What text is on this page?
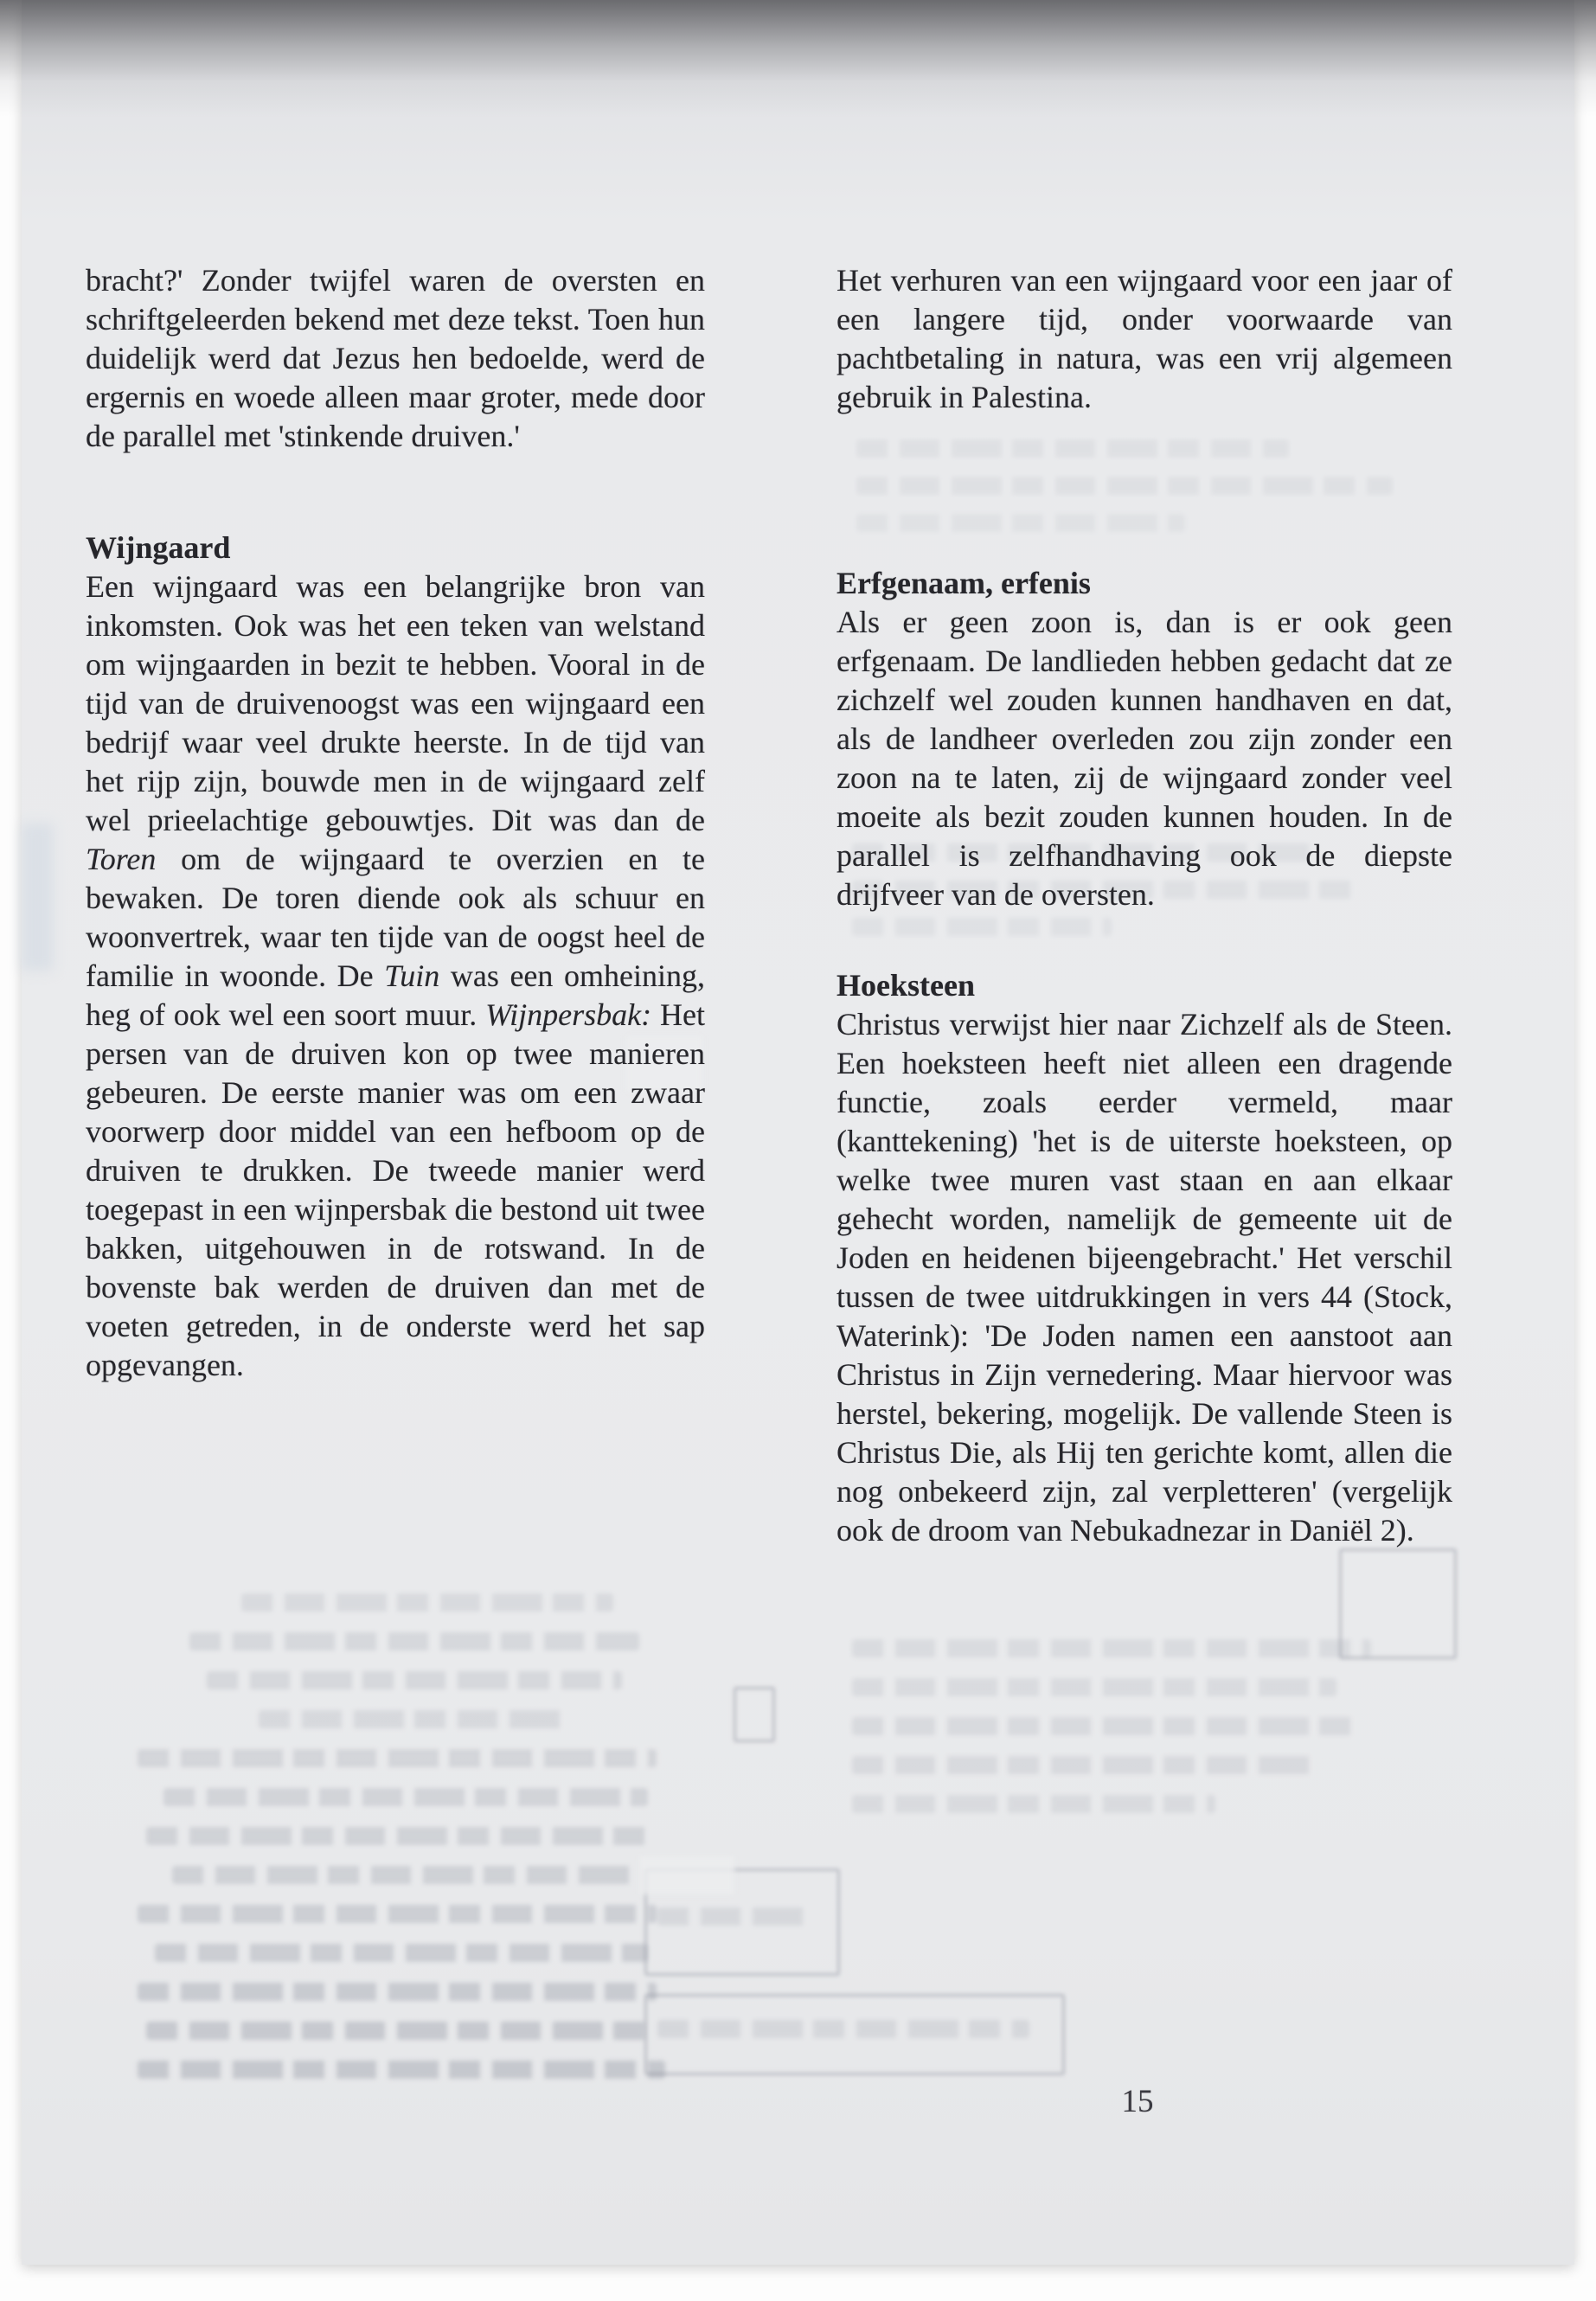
bracht?' Zonder twijfel waren de oversten en schriftgeleerden bekend met deze tekst. Toen hun duidelijk werd dat Jezus hen bedoelde, werd de ergernis en woede alleen maar groter, mede door de parallel met 'stinkende druiven.'

Wijngaard

Een wijngaard was een belangrijke bron van inkomsten. Ook was het een teken van welstand om wijngaarden in bezit te hebben. Vooral in de tijd van de druivenoogst was een wijngaard een bedrijf waar veel drukte heerste. In de tijd van het rijp zijn, bouwde men in de wijngaard zelf wel prieelachtige gebouwtjes. Dit was dan de Toren om de wijngaard te overzien en te bewaken. De toren diende ook als schuur en woonvertrek, waar ten tijde van de oogst heel de familie in woonde. De Tuin was een omheining, heg of ook wel een soort muur. Wijnpersbak: Het persen van de druiven kon op twee manieren gebeuren. De eerste manier was om een zwaar voorwerp door middel van een hefboom op de druiven te drukken. De tweede manier werd toegepast in een wijnpersbak die bestond uit twee bakken, uitgehouwen in de rotswand. In de bovenste bak werden de druiven dan met de voeten getreden, in de onderste werd het sap opgevangen.

Het verhuren van een wijngaard voor een jaar of een langere tijd, onder voorwaarde van pachtbetaling in natura, was een vrij algemeen gebruik in Palestina.

Erfgenaam, erfenis

Als er geen zoon is, dan is er ook geen erfgenaam. De landlieden hebben gedacht dat ze zichzelf wel zouden kunnen handhaven en dat, als de landheer overleden zou zijn zonder een zoon na te laten, zij de wijngaard zonder veel moeite als bezit zouden kunnen houden. In de parallel is zelfhandhaving ook de diepste drijfveer van de oversten.

Hoeksteen

Christus verwijst hier naar Zichzelf als de Steen. Een hoeksteen heeft niet alleen een dragende functie, zoals eerder vermeld, maar (kanttekening) 'het is de uiterste hoeksteen, op welke twee muren vast staan en aan elkaar gehecht worden, namelijk de gemeente uit de Joden en heidenen bijeengebracht.' Het verschil tussen de twee uitdrukkingen in vers 44 (Stock, Waterink): 'De Joden namen een aanstoot aan Christus in Zijn vernedering. Maar hiervoor was herstel, bekering, mogelijk. De vallende Steen is Christus Die, als Hij ten gerichte komt, allen die nog onbekeerd zijn, zal verpletteren' (vergelijk ook de droom van Nebukadnezar in Daniël 2).

15
